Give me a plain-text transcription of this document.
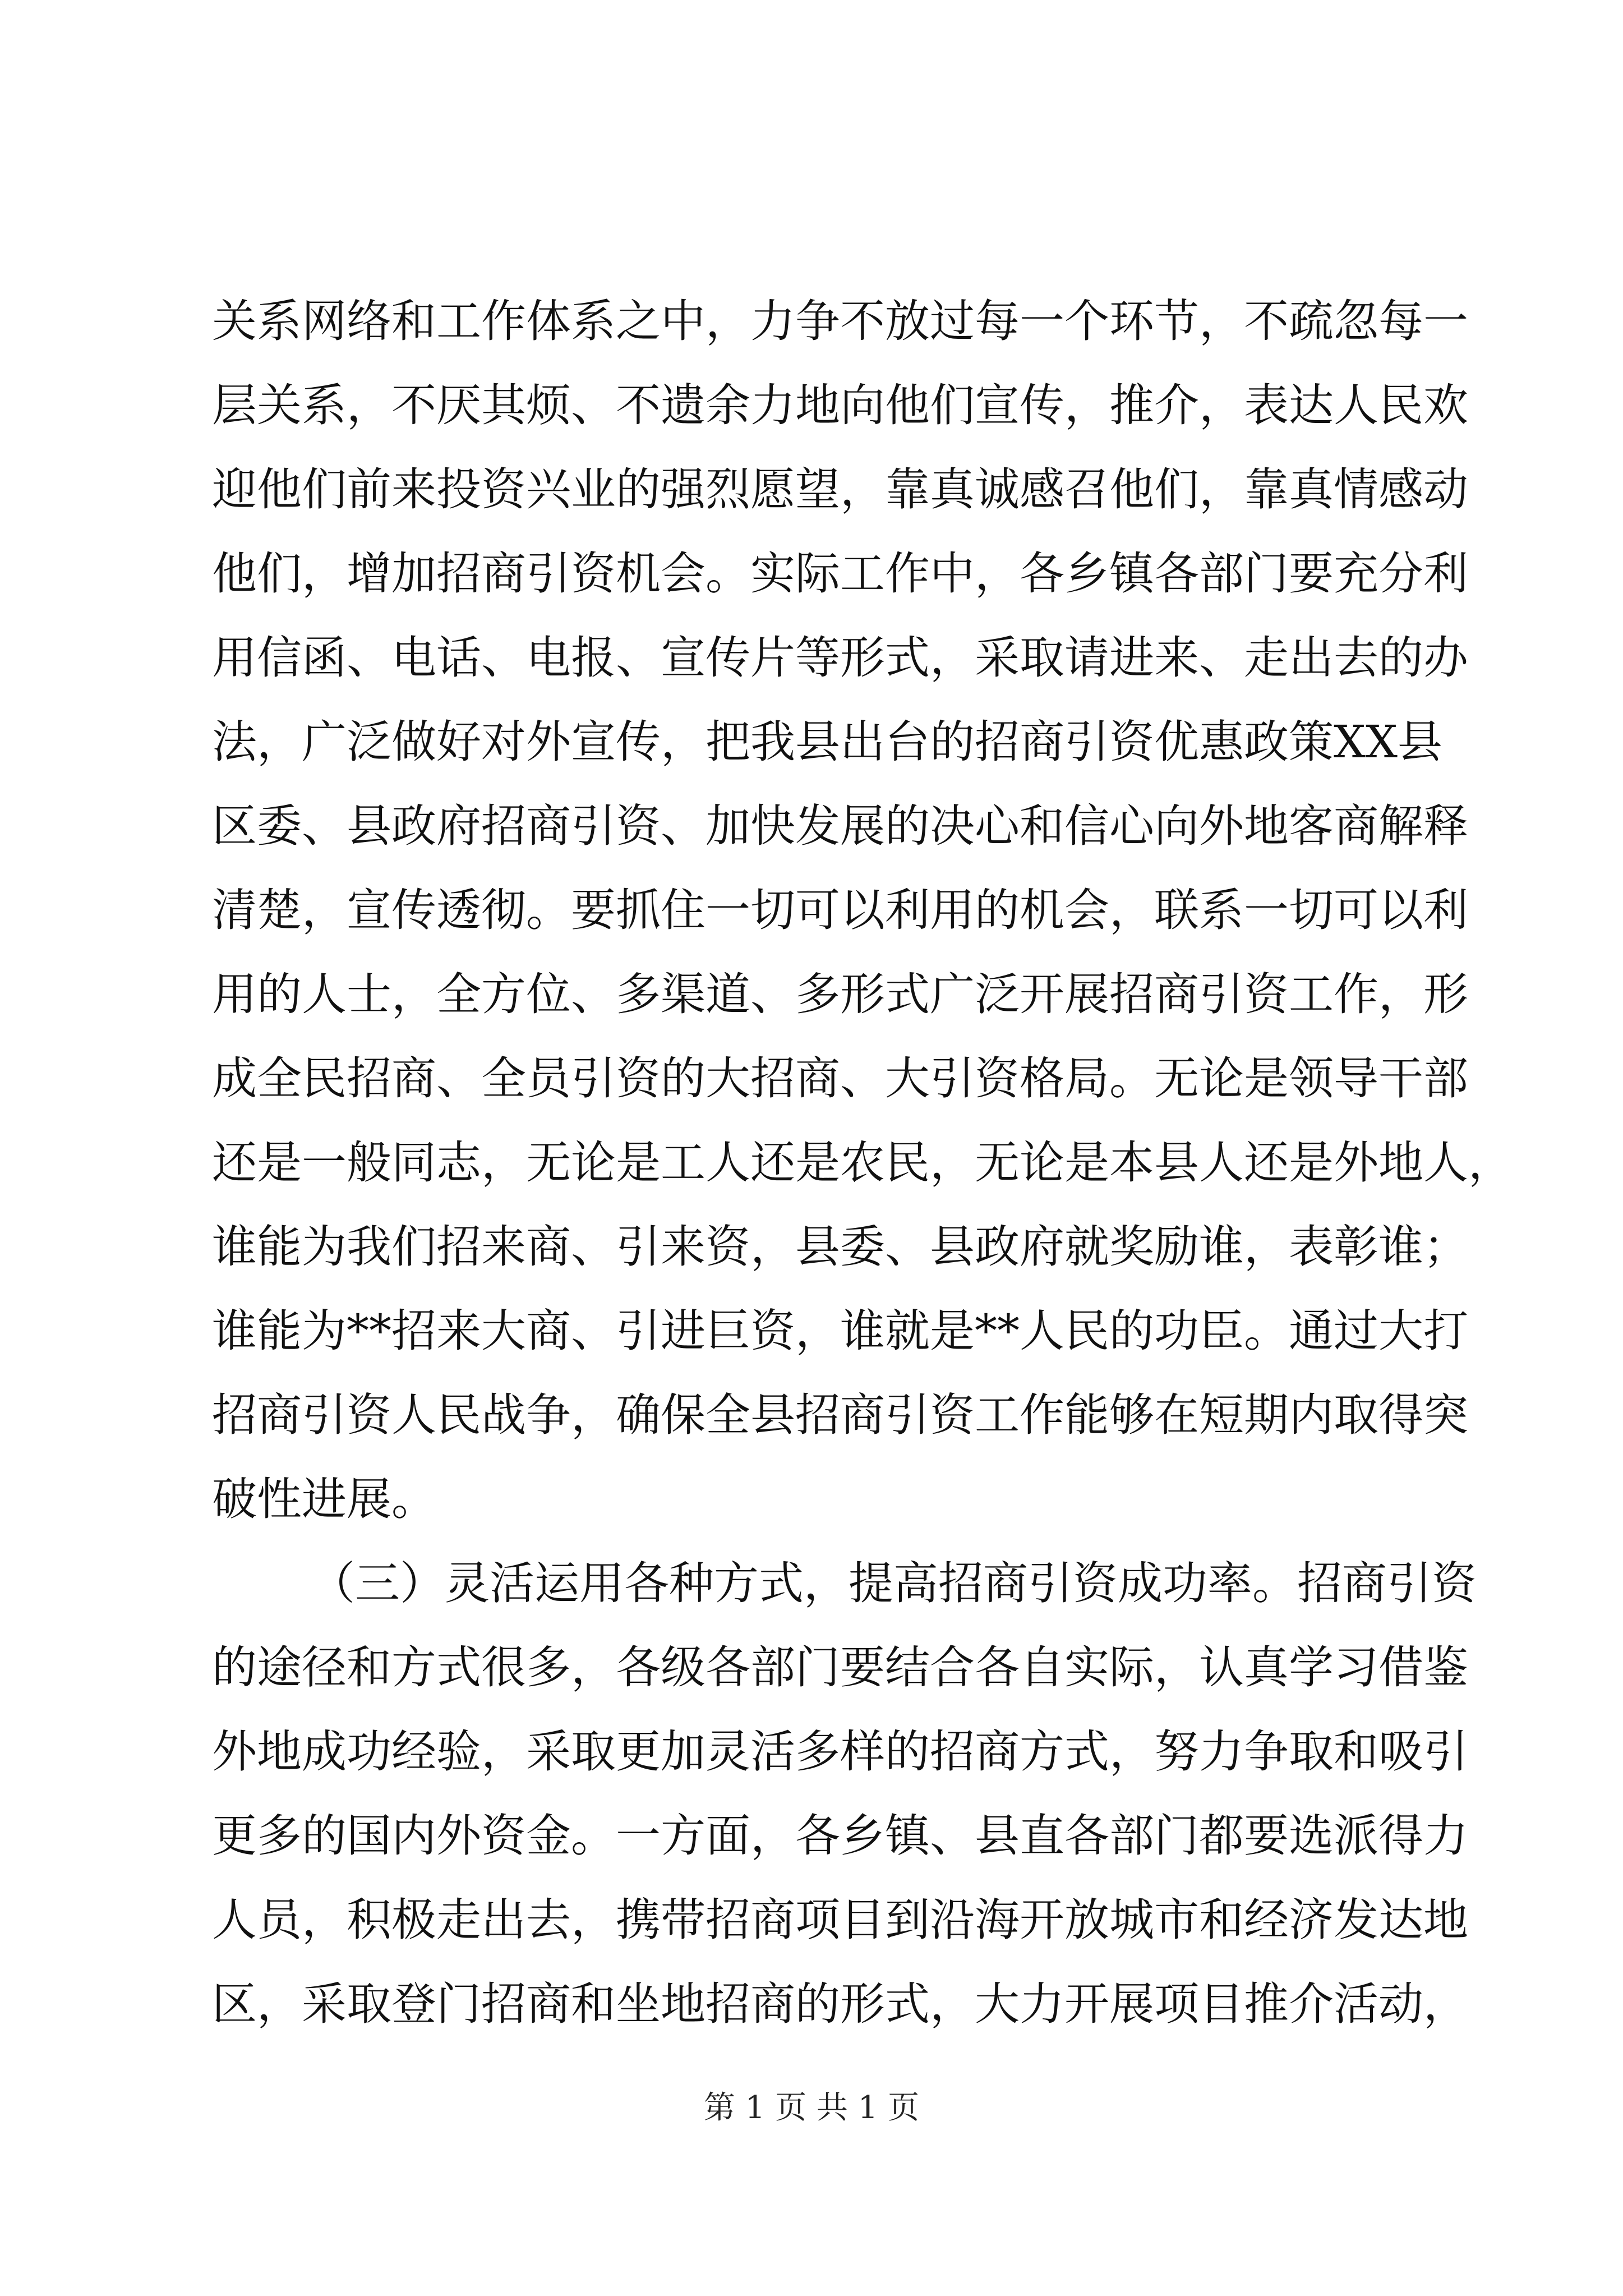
关系网络和工作体系之中，力争不放过每一个环节，不疏忽每一
层关系，不厌其烦、不遗余力地向他们宣传，推介，表达人民欢
迎他们前来投资兴业的强烈愿望，靠真诚感召他们，靠真情感动
他们，增加招商引资机会。实际工作中，各乡镇各部门要充分利
用信函、电话、电报、宣传片等形式，采取请进来、走出去的办
法，广泛做好对外宣传，把我县出台的招商引资优惠政策XX县
区委、县政府招商引资、加快发展的决心和信心向外地客商解释
清楚，宣传透彻。要抓住一切可以利用的机会，联系一切可以利
用的人士，全方位、多渠道、多形式广泛开展招商引资工作，形
成全民招商、全员引资的大招商、大引资格局。无论是领导干部
还是一般同志，无论是工人还是农民，无论是本县人还是外地人，
谁能为我们招来商、引来资，县委、县政府就奖励谁，表彰谁；
谁能为**招来大商、引进巨资，谁就是**人民的功臣。通过大打
招商引资人民战争，确保全县招商引资工作能够在短期内取得突
破性进展。
（三）灵活运用各种方式，提高招商引资成功率。招商引资
的途径和方式很多，各级各部门要结合各自实际，认真学习借鉴
外地成功经验，采取更加灵活多样的招商方式，努力争取和吸引
更多的国内外资金。一方面，各乡镇、县直各部门都要选派得力
人员，积极走出去，携带招商项目到沿海开放城市和经济发达地
区，采取登门招商和坐地招商的形式，大力开展项目推介活动，
第 1 页 共 1 页
